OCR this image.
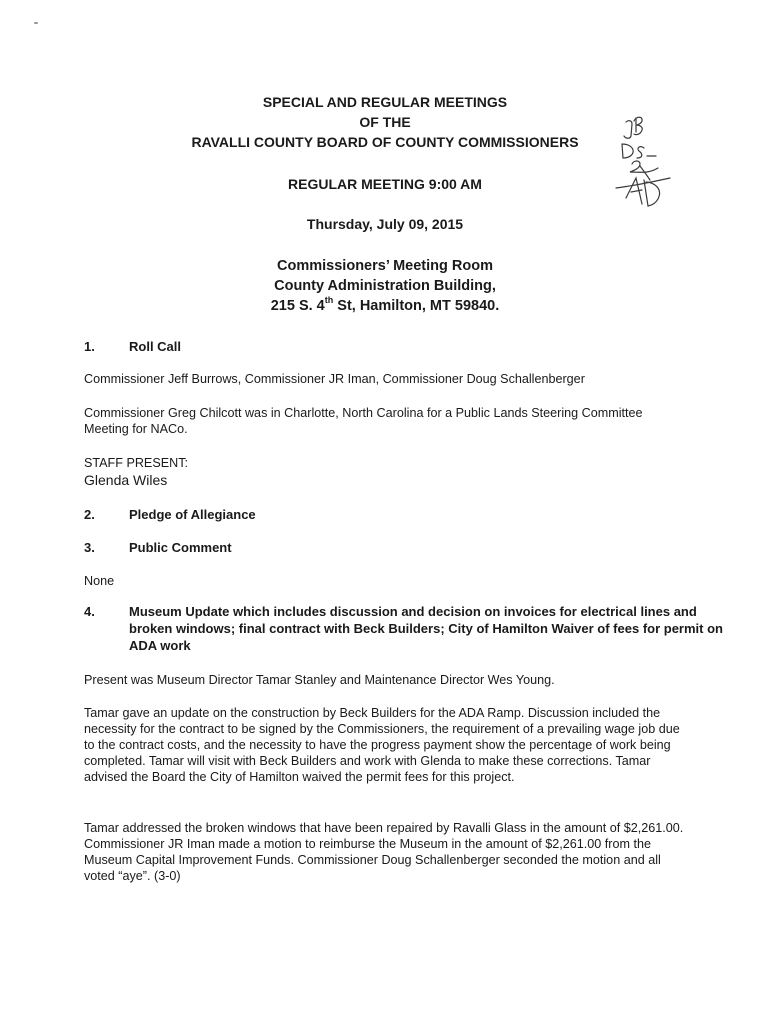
SPECIAL AND REGULAR MEETINGS
OF THE
RAVALLI COUNTY BOARD OF COUNTY COMMISSIONERS
REGULAR MEETING 9:00 AM
Thursday, July 09, 2015
Commissioners’ Meeting Room
County Administration Building,
215 S. 4th St, Hamilton, MT 59840.
1.	Roll Call
Commissioner Jeff Burrows, Commissioner JR Iman, Commissioner Doug Schallenberger
Commissioner Greg Chilcott was in Charlotte, North Carolina for a Public Lands Steering Committee Meeting for NACo.
STAFF PRESENT:
Glenda Wiles
2.	Pledge of Allegiance
3.	Public Comment
None
4.	Museum Update which includes discussion and decision on invoices for electrical lines and broken windows; final contract with Beck Builders; City of Hamilton Waiver of fees for permit on ADA work
Present was Museum Director Tamar Stanley and Maintenance Director Wes Young.
Tamar gave an update on the construction by Beck Builders for the ADA Ramp. Discussion included the necessity for the contract to be signed by the Commissioners, the requirement of a prevailing wage job due to the contract costs, and the necessity to have the progress payment show the percentage of work being completed. Tamar will visit with Beck Builders and work with Glenda to make these corrections. Tamar advised the Board the City of Hamilton waived the permit fees for this project.
Tamar addressed the broken windows that have been repaired by Ravalli Glass in the amount of $2,261.00. Commissioner JR Iman made a motion to reimburse the Museum in the amount of $2,261.00 from the Museum Capital Improvement Funds. Commissioner Doug Schallenberger seconded the motion and all voted “aye”. (3-0)
